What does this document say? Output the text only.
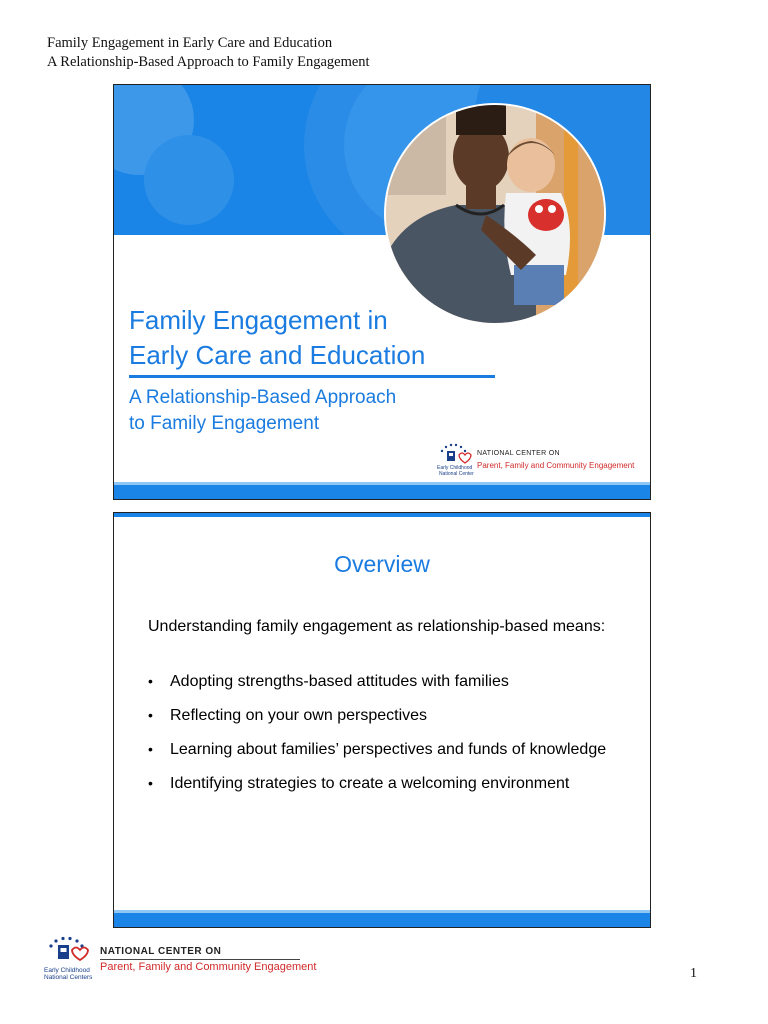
Family Engagement in Early Care and Education
A Relationship-Based Approach to Family Engagement
Family Engagement in
Early Care and Education
A Relationship-Based Approach
to Family Engagement
Early Childhood
National Centers
NATIONAL CENTER ON
Parent, Family and Community Engagement
Overview
Understanding family engagement as relationship-based means:
• Adopting strengths-based attitudes with families
• Reflecting on your own perspectives
• Learning about families’ perspectives and funds of knowledge
• Identifying strategies to create a welcoming environment
Early Childhood
National Centers
NATIONAL CENTER ON
Parent, Family and Community Engagement	1
